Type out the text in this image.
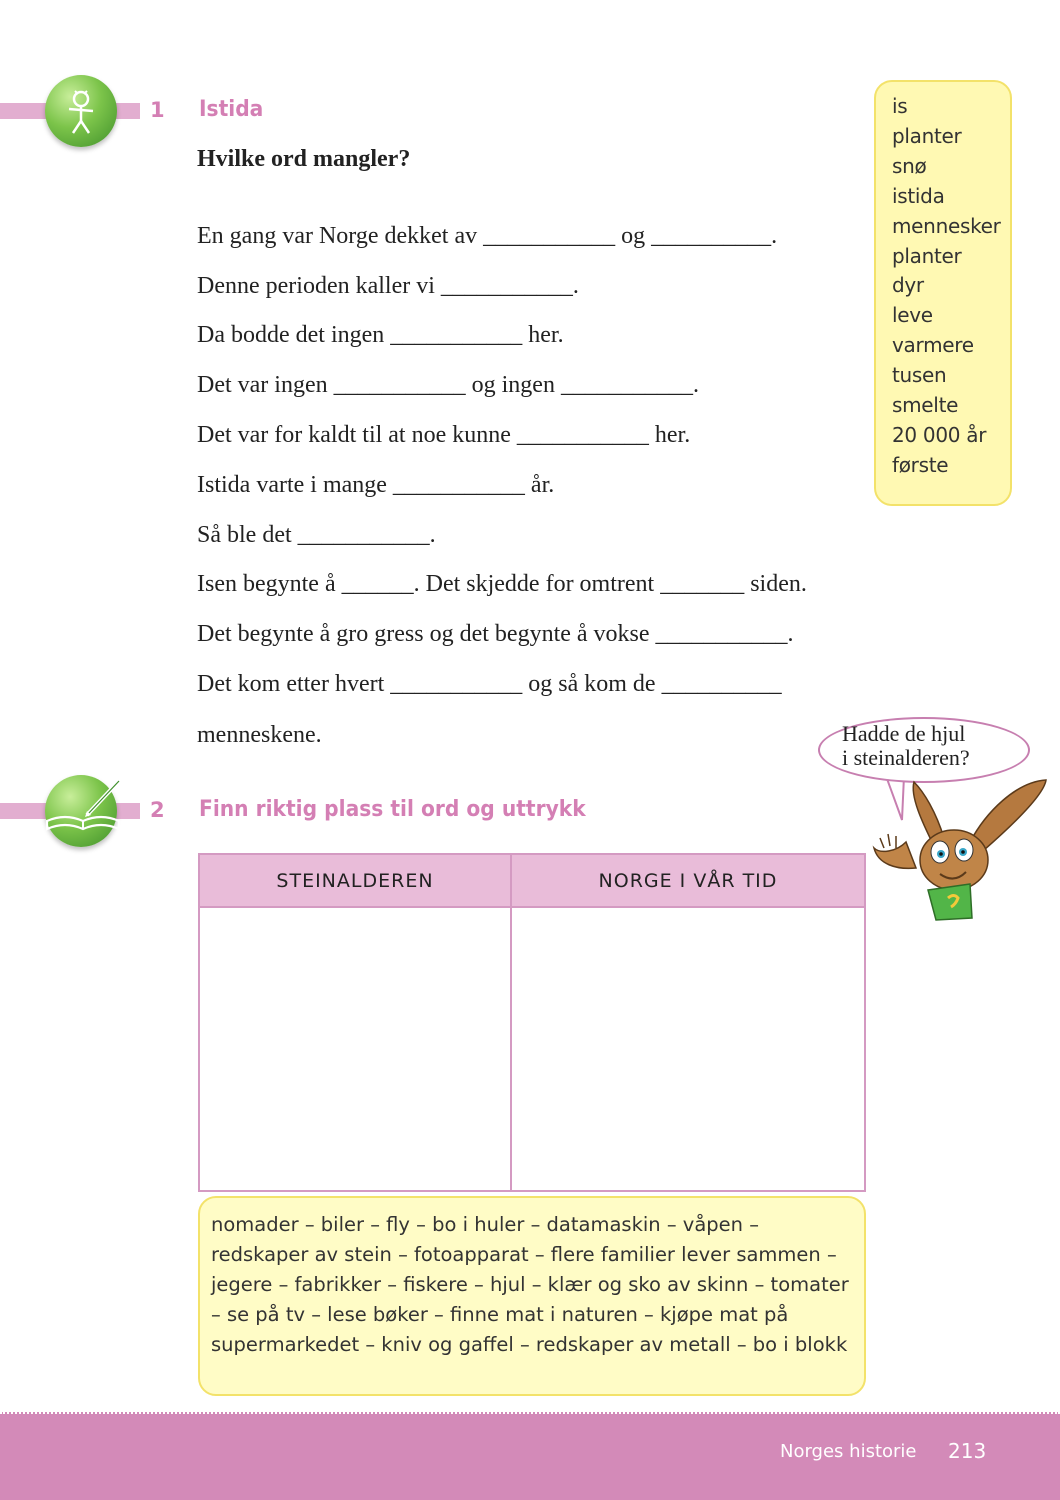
1 Istida
Hvilke ord mangler?
En gang var Norge dekket av ___________ og __________.
Denne perioden kaller vi ___________.
Da bodde det ingen ___________ her.
Det var ingen ___________ og ingen ___________.
Det var for kaldt til at noe kunne ___________ her.
Istida varte i mange ___________ år.
Så ble det ___________.
Isen begynte å ______. Det skjedde for omtrent _______ siden.
Det begynte å gro gress og det begynte å vokse ___________.
Det kom etter hvert ___________ og så kom de __________
menneskene.
is
planter
snø
istida
mennesker
planter
dyr
leve
varmere
tusen
smelte
20 000 år
første
Hadde de hjul
i steinalderen?
2 Finn riktig plass til ord og uttrykk
STEINALDEREN	NORGE I VÅR TID

nomader – biler – fly – bo i huler – datamaskin – våpen – redskaper av stein – fotoapparat – flere familier lever sammen – jegere – fabrikker – fiskere – hjul – klær og sko av skinn – tomater – se på tv – lese bøker – finne mat i naturen – kjøpe mat på supermarkedet – kniv og gaffel – redskaper av metall – bo i blokk
Norges historie 213
